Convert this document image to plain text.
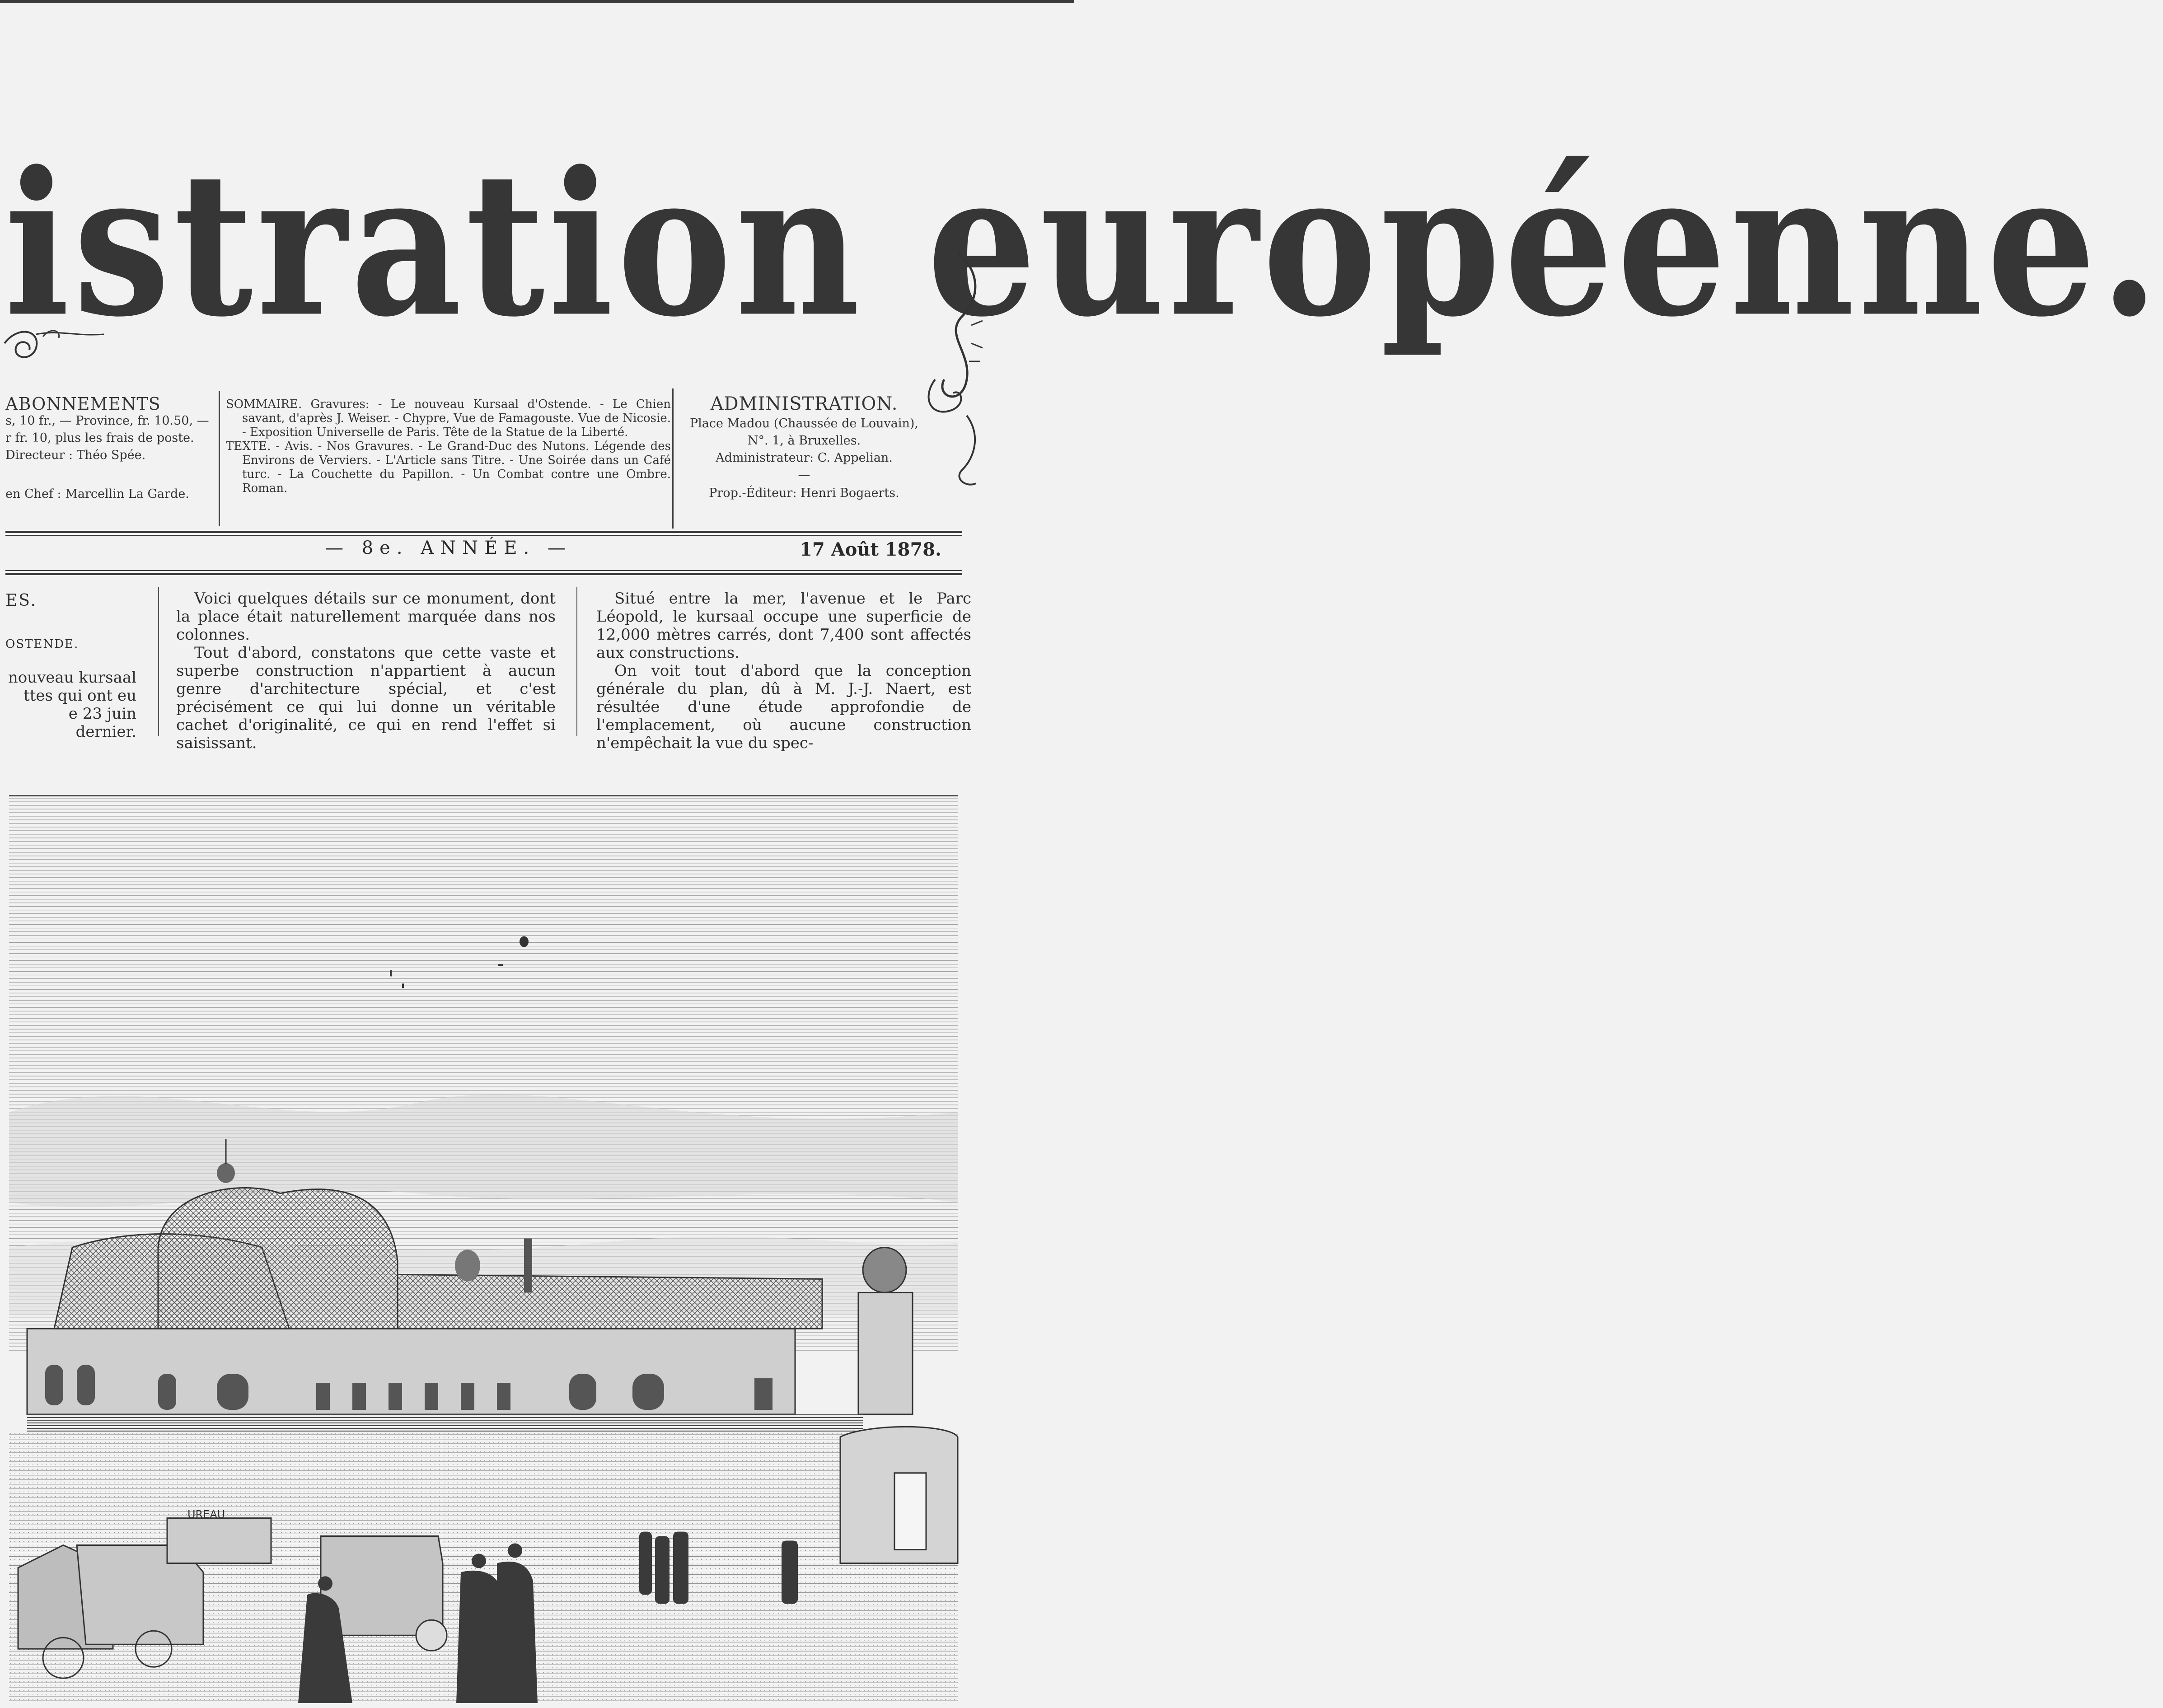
istration européenne.
ABONNEMENTS
s, 10 fr., — Province, fr. 10.50, —
r fr. 10, plus les frais de poste.
Directeur : Théo Spée.
en Chef : Marcellin La Garde.

SOMMAIRE. Gravures: - Le nouveau Kursaal d'Ostende. - Le Chien savant, d'après J. Weiser. - Chypre, Vue de Famagouste. Vue de Nicosie. - Exposition Universelle de Paris. Tête de la Statue de la Liberté.

TEXTE. - Avis. - Nos Gravures. - Le Grand-Duc des Nutons. Légende des Environs de Verviers. - L'Article sans Titre. - Une Soirée dans un Café turc. - La Couchette du Papillon. - Un Combat contre une Ombre. Roman.

ADMINISTRATION.
Place Madou (Chaussée de Louvain),
N°. 1, à Bruxelles.
Administrateur: C. Appelian.
—
Prop.-Éditeur: Henri Bogaerts.
— 8e. ANNÉE. —	17 Août 1878.
ES.
OSTENDE.
nouveau kursaal
ttes qui ont eu
e 23 juin dernier.

Voici quelques détails sur ce monument, dont la place était naturellement marquée dans nos colonnes.

Tout d'abord, constatons que cette vaste et superbe construction n'appartient à aucun genre d'architecture spécial, et c'est précisément ce qui lui donne un véritable cachet d'originalité, ce qui en rend l'effet si saisissant.

Situé entre la mer, l'avenue et le Parc Léopold, le kursaal occupe une superficie de 12,000 mètres carrés, dont 7,400 sont affectés aux constructions.

On voit tout d'abord que la conception générale du plan, dû à M. J.-J. Naert, est résultée d'une étude approfondie de l'emplacement, où aucune construction n'empêchait la vue du spec-

UREAU
